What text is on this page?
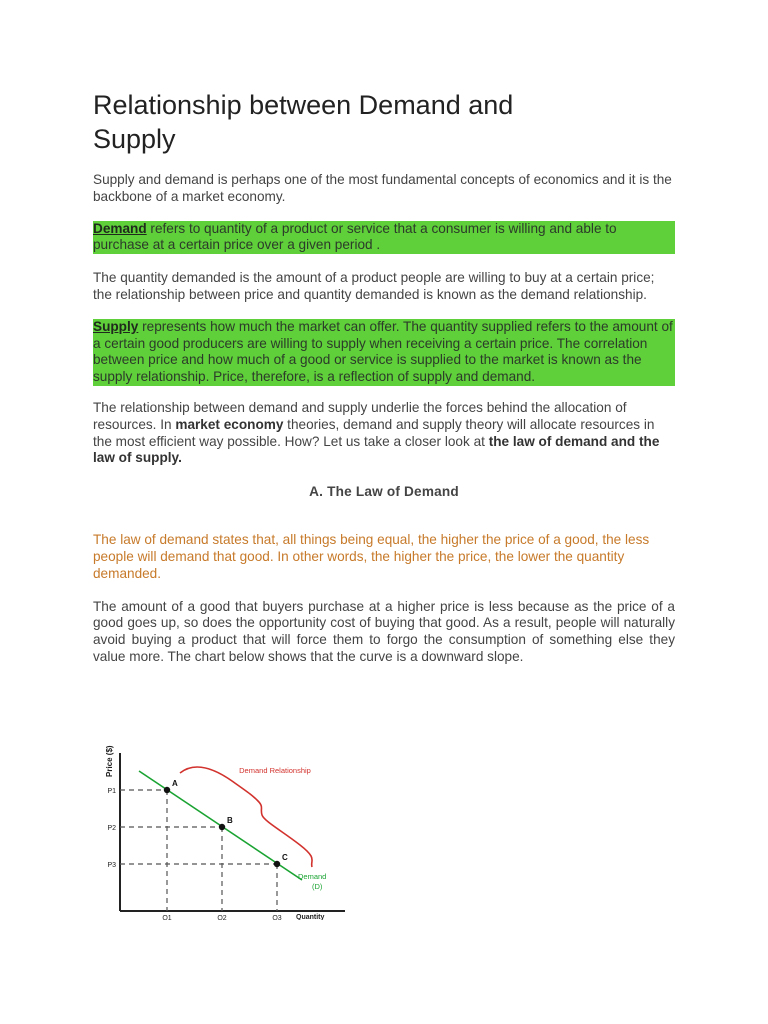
Relationship between Demand and Supply

Supply and demand is perhaps one of the most fundamental concepts of economics and it is the backbone of a market economy.

Demand refers to quantity of a product or service that a consumer is willing and able to purchase at a certain price over a given period .

The quantity demanded is the amount of a product people are willing to buy at a certain price; the relationship between price and quantity demanded is known as the demand relationship.

Supply represents how much the market can offer. The quantity supplied refers to the amount of a certain good producers are willing to supply when receiving a certain price. The correlation between price and how much of a good or service is supplied to the market is known as the supply relationship. Price, therefore, is a reflection of supply and demand.

The relationship between demand and supply underlie the forces behind the allocation of resources. In market economy theories, demand and supply theory will allocate resources in the most efficient way possible. How? Let us take a closer look at the law of demand and the law of supply.

A. The Law of Demand

The law of demand states that, all things being equal, the higher the price of a good, the less people will demand that good. In other words, the higher the price, the lower the quantity demanded.

The amount of a good that buyers purchase at a higher price is less because as the price of a good goes up, so does the opportunity cost of buying that good. As a result, people will naturally avoid buying a product that will force them to forgo the consumption of something else they value more. The chart below shows that the curve is a downward slope.

Price ($)
Quantity
P1
P2
P3
Q1	Q2	Q3
A
B
C
Demand
(D)
Demand Relationship
